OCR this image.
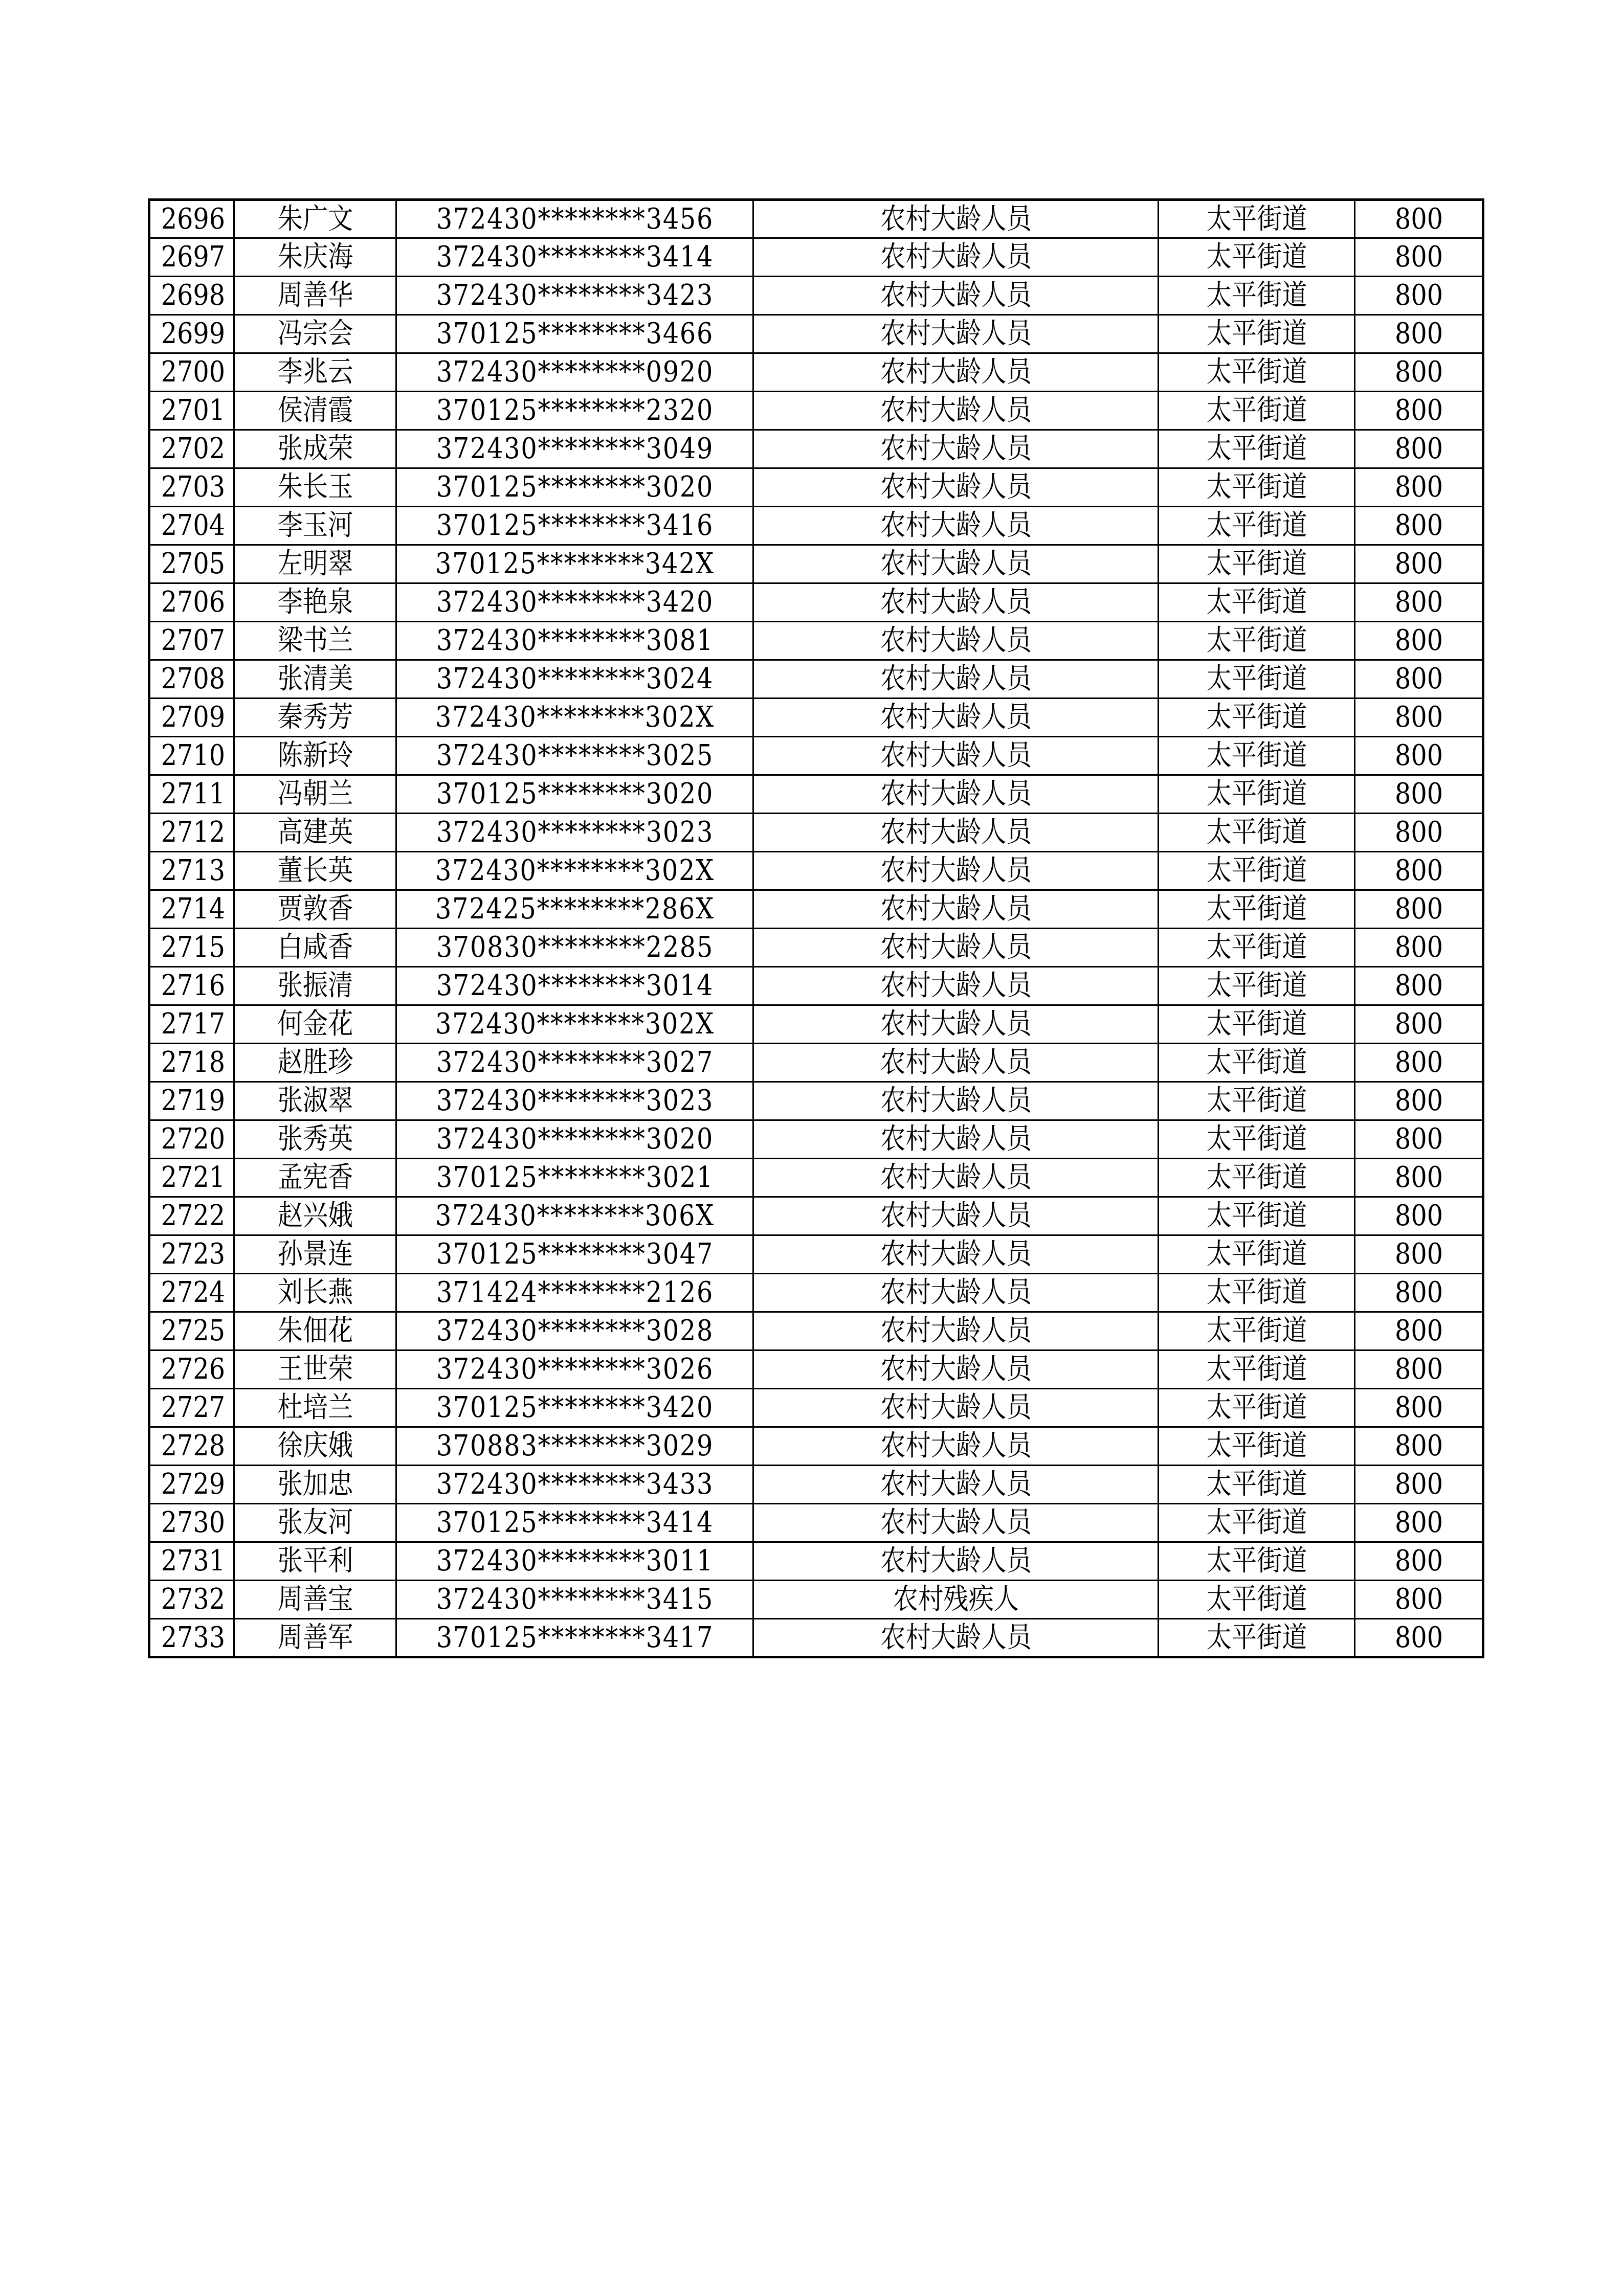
2696	朱广文	372430********3456	农村大龄人员	太平街道	800
2697	朱庆海	372430********3414	农村大龄人员	太平街道	800
2698	周善华	372430********3423	农村大龄人员	太平街道	800
2699	冯宗会	370125********3466	农村大龄人员	太平街道	800
2700	李兆云	372430********0920	农村大龄人员	太平街道	800
2701	侯清霞	370125********2320	农村大龄人员	太平街道	800
2702	张成荣	372430********3049	农村大龄人员	太平街道	800
2703	朱长玉	370125********3020	农村大龄人员	太平街道	800
2704	李玉河	370125********3416	农村大龄人员	太平街道	800
2705	左明翠	370125********342X	农村大龄人员	太平街道	800
2706	李艳泉	372430********3420	农村大龄人员	太平街道	800
2707	梁书兰	372430********3081	农村大龄人员	太平街道	800
2708	张清美	372430********3024	农村大龄人员	太平街道	800
2709	秦秀芳	372430********302X	农村大龄人员	太平街道	800
2710	陈新玲	372430********3025	农村大龄人员	太平街道	800
2711	冯朝兰	370125********3020	农村大龄人员	太平街道	800
2712	高建英	372430********3023	农村大龄人员	太平街道	800
2713	董长英	372430********302X	农村大龄人员	太平街道	800
2714	贾敦香	372425********286X	农村大龄人员	太平街道	800
2715	白咸香	370830********2285	农村大龄人员	太平街道	800
2716	张振清	372430********3014	农村大龄人员	太平街道	800
2717	何金花	372430********302X	农村大龄人员	太平街道	800
2718	赵胜珍	372430********3027	农村大龄人员	太平街道	800
2719	张淑翠	372430********3023	农村大龄人员	太平街道	800
2720	张秀英	372430********3020	农村大龄人员	太平街道	800
2721	孟宪香	370125********3021	农村大龄人员	太平街道	800
2722	赵兴娥	372430********306X	农村大龄人员	太平街道	800
2723	孙景连	370125********3047	农村大龄人员	太平街道	800
2724	刘长燕	371424********2126	农村大龄人员	太平街道	800
2725	朱佃花	372430********3028	农村大龄人员	太平街道	800
2726	王世荣	372430********3026	农村大龄人员	太平街道	800
2727	杜培兰	370125********3420	农村大龄人员	太平街道	800
2728	徐庆娥	370883********3029	农村大龄人员	太平街道	800
2729	张加忠	372430********3433	农村大龄人员	太平街道	800
2730	张友河	370125********3414	农村大龄人员	太平街道	800
2731	张平利	372430********3011	农村大龄人员	太平街道	800
2732	周善宝	372430********3415	农村残疾人	太平街道	800
2733	周善军	370125********3417	农村大龄人员	太平街道	800
